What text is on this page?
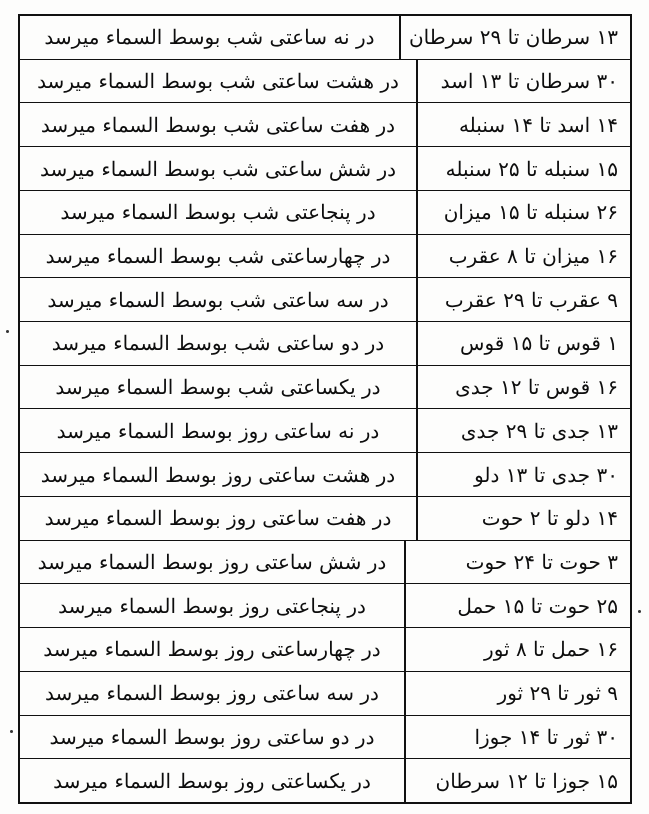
در نه ساعتی شب بوسط السماء میرسد ۱۳ سرطان تا ۲۹ سرطان
در هشت ساعتی شب بوسط السماء میرسد ۳۰ سرطان تا ۱۳ اسد
در هفت ساعتی شب بوسط السماء میرسد	۱۴ اسد تا ۱۴ سنبله
در شش ساعتی شب بوسط السماء میرسد ۱۵ سنبله تا ۲۵ سنبله
در پنجاعتی شب بوسط السماء میرسد	۲۶ سنبله تا ۱۵ میزان
در چهارساعتی شب بوسط السماء میرسد	۱۶ میزان تا ۸ عقرب
در سه ساعتی شب بوسط السماء میرسد	۹ عقرب تا ۲۹ عقرب
در دو ساعتی شب بوسط السماء میرسد	۱ قوس تا ۱۵ قوس
در یکساعتی شب بوسط السماء میرسد	۱۶ قوس تا ۱۲ جدی
در نه ساعتی روز بوسط السماء میرسد	۱۳ جدی تا ۲۹ جدی
در هشت ساعتی روز بوسط السماء میرسد	۳۰ جدی تا ۱۳ دلو
در هفت ساعتی روز بوسط السماء میرسد	۱۴ دلو تا ۲ حوت
در شش ساعتی روز بوسط السماء میرسد	۳ حوت تا ۲۴ حوت
در پنجاعتی روز بوسط السماء میرسد	۲۵ حوت تا ۱۵ حمل
در چهارساعتی روز بوسط السماء میرسد	۱۶ حمل تا ۸ ثور
در سه ساعتی روز بوسط السماء میرسد	۹ ثور تا ۲۹ ثور
در دو ساعتی روز بوسط السماء میرسد	۳۰ ثور تا ۱۴ جوزا
در یکساعتی روز بوسط السماء میرسد	۱۵ جوزا تا ۱۲ سرطان
